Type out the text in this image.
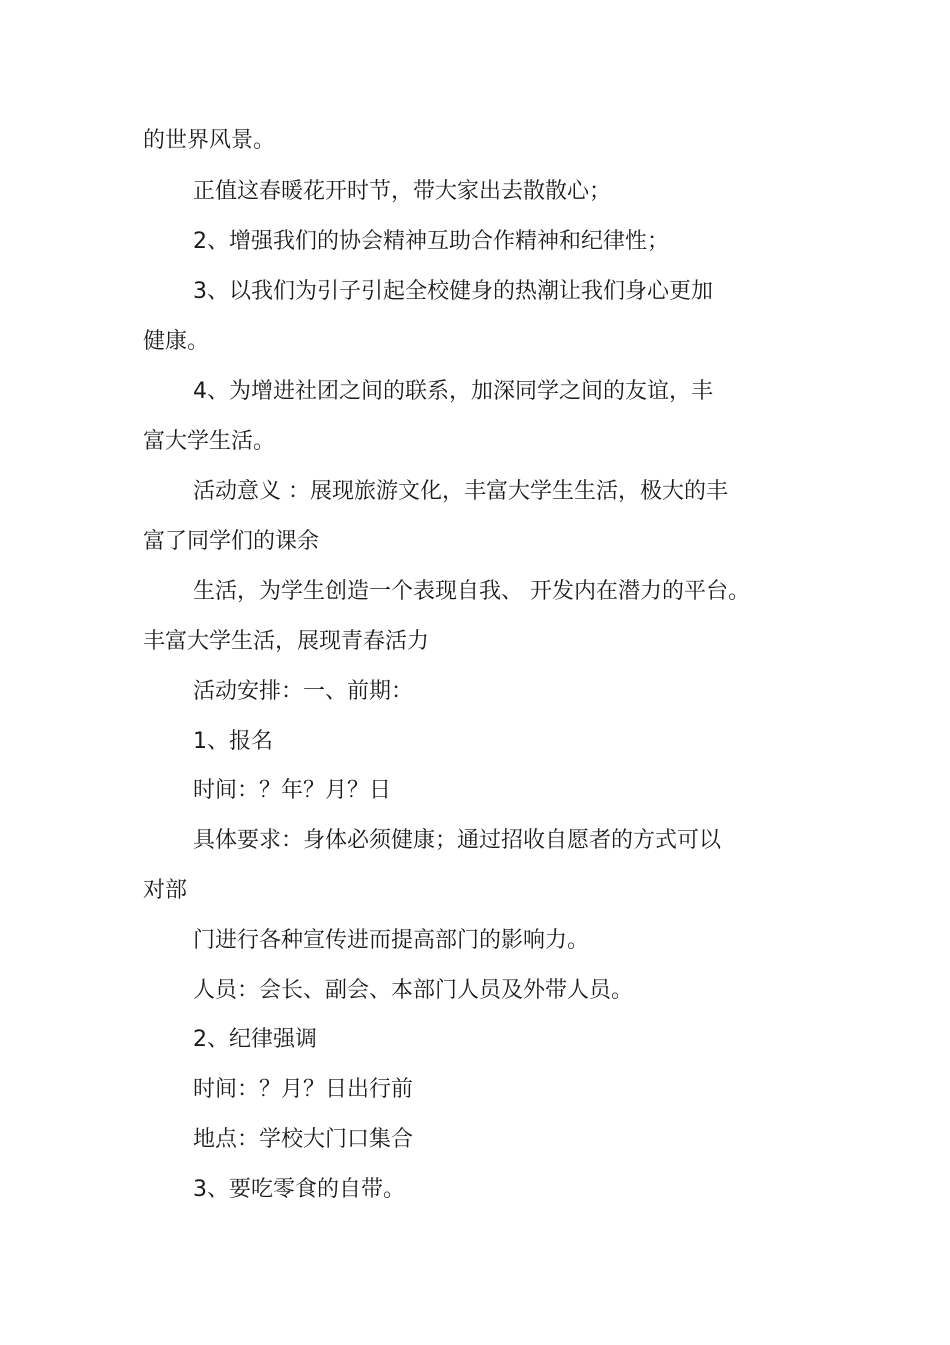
的世界风景。
正值这春暖花开时节，带大家出去散散心；
2、增强我们的协会精神互助合作精神和纪律性；
3、以我们为引子引起全校健身的热潮让我们身心更加
健康。
4、为增进社团之间的联系，加深同学之间的友谊，丰
富大学生活。
活动意义 ：展现旅游文化，丰富大学生生活，极大的丰
富了同学们的课余
生活，为学生创造一个表现自我、 开发内在潜力的平台。
丰富大学生活，展现青春活力
活动安排：一、前期：
1、报名
时间：？年？月？日
具体要求：身体必须健康；通过招收自愿者的方式可以
对部
门进行各种宣传进而提高部门的影响力。
人员：会长、副会、本部门人员及外带人员。
2、纪律强调
时间：？月？日出行前
地点：学校大门口集合
3、要吃零食的自带。
